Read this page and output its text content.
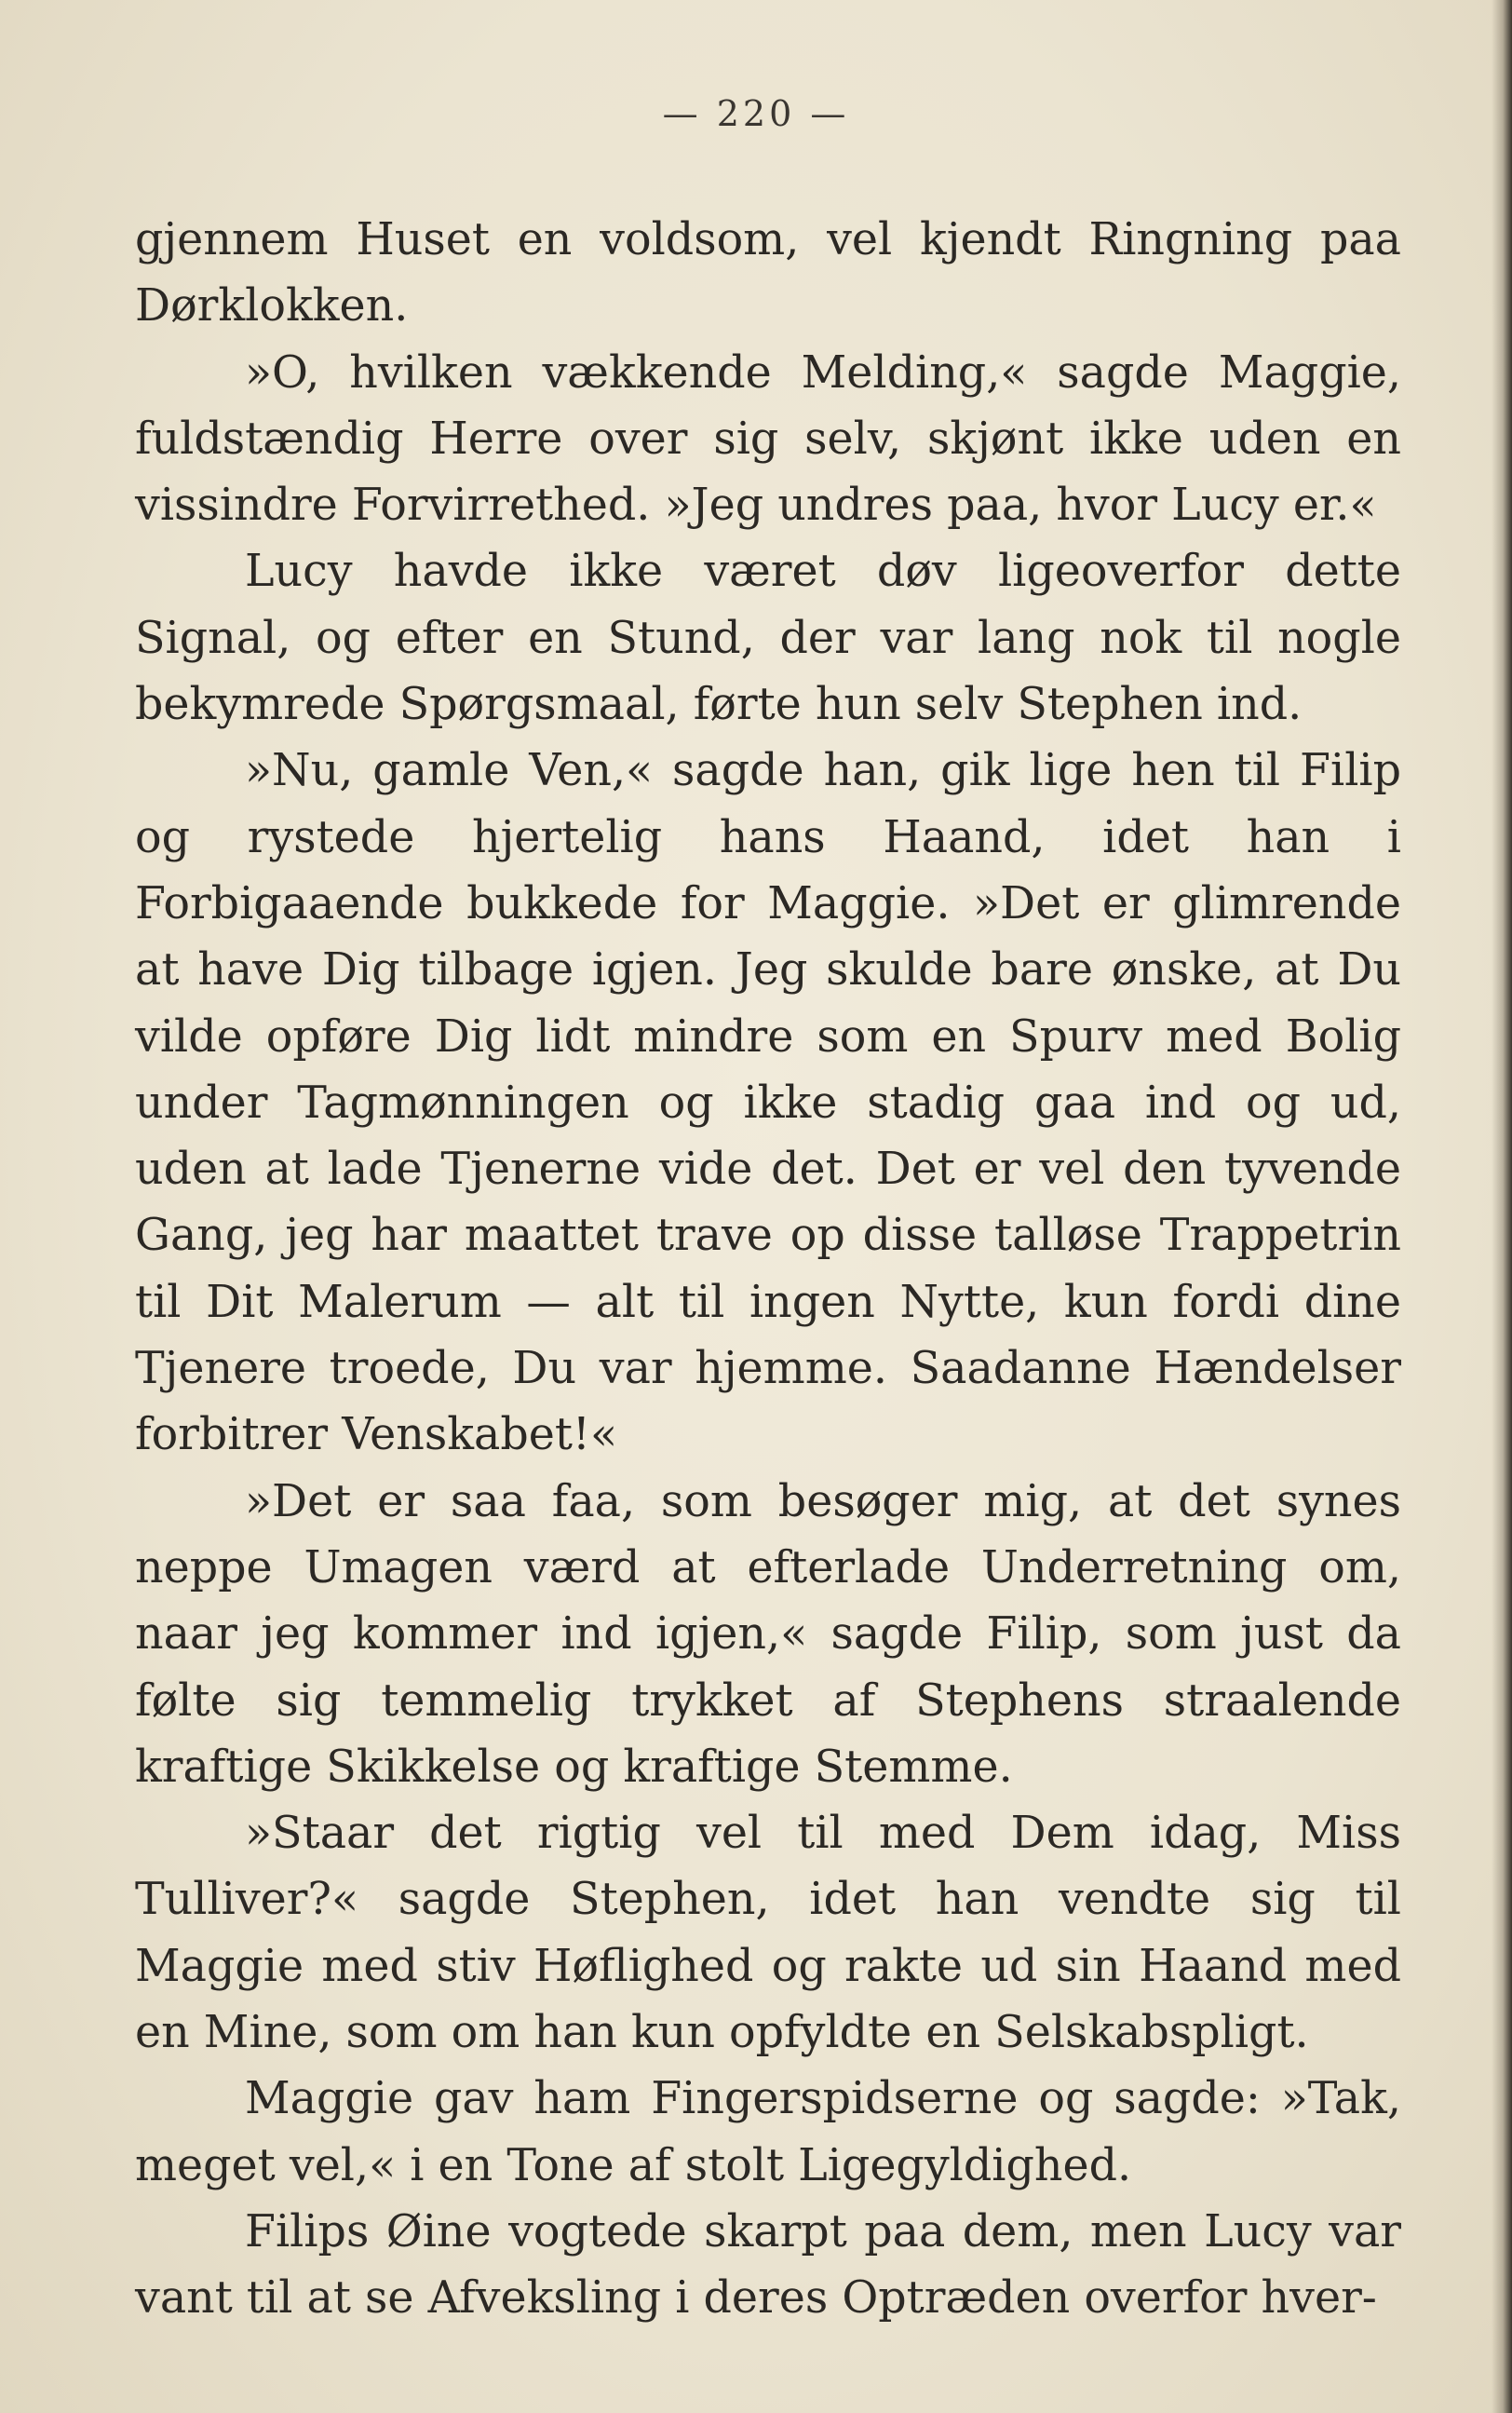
— 220 —

gjennem Huset en voldsom, vel kjendt Ringning paa Dørklokken.

»O, hvilken vækkende Melding,« sagde Maggie, fuldstændig Herre over sig selv, skjønt ikke uden en vissindre Forvirrethed. »Jeg undres paa, hvor Lucy er.«

Lucy havde ikke været døv ligeoverfor dette Signal, og efter en Stund, der var lang nok til nogle bekymrede Spørgsmaal, førte hun selv Stephen ind.

»Nu, gamle Ven,« sagde han, gik lige hen til Filip og rystede hjertelig hans Haand, idet han i Forbigaaende bukkede for Maggie. »Det er glimrende at have Dig tilbage igjen. Jeg skulde bare ønske, at Du vilde opføre Dig lidt mindre som en Spurv med Bolig under Tagmønningen og ikke stadig gaa ind og ud, uden at lade Tjenerne vide det. Det er vel den tyvende Gang, jeg har maattet trave op disse talløse Trappetrin til Dit Malerum — alt til ingen Nytte, kun fordi dine Tjenere troede, Du var hjemme. Saadanne Hændelser forbitrer Venskabet!«

»Det er saa faa, som besøger mig, at det synes neppe Umagen værd at efterlade Underretning om, naar jeg kommer ind igjen,« sagde Filip, som just da følte sig temmelig trykket af Stephens straalende kraftige Skikkelse og kraftige Stemme.

»Staar det rigtig vel til med Dem idag, Miss Tulliver?« sagde Stephen, idet han vendte sig til Maggie med stiv Høflighed og rakte ud sin Haand med en Mine, som om han kun opfyldte en Selskabspligt.

Maggie gav ham Fingerspidserne og sagde: »Tak, meget vel,« i en Tone af stolt Ligegyldighed.

Filips Øine vogtede skarpt paa dem, men Lucy var vant til at se Afveksling i deres Optræden overfor hver-
